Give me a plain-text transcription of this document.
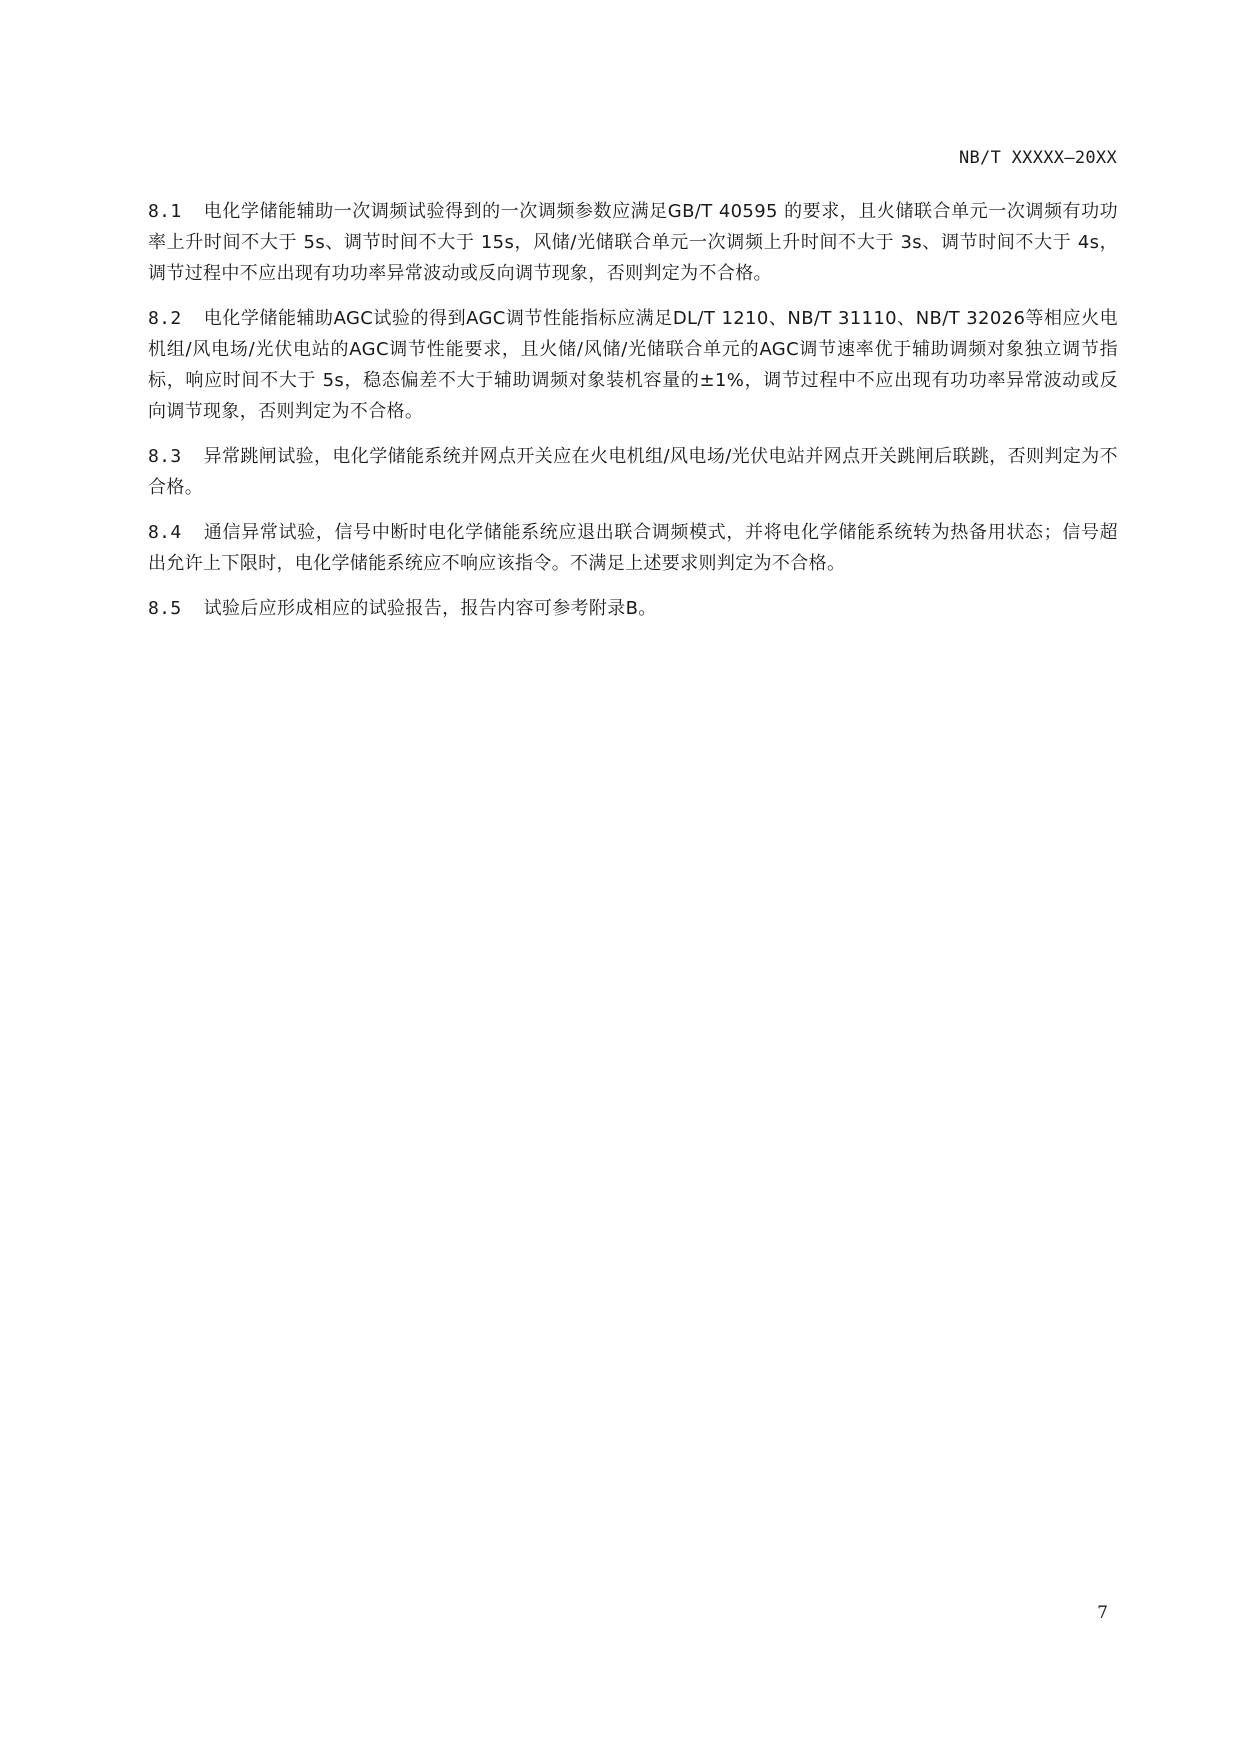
NB/T XXXXX—20XX

8.1 电化学储能辅助一次调频试验得到的一次调频参数应满足GB/T 40595 的要求，且火储联合单元一次调频有功功率上升时间不大于 5s、调节时间不大于 15s，风储/光储联合单元一次调频上升时间不大于 3s、调节时间不大于 4s，调节过程中不应出现有功功率异常波动或反向调节现象，否则判定为不合格。

8.2 电化学储能辅助AGC试验的得到AGC调节性能指标应满足DL/T 1210、NB/T 31110、NB/T 32026等相应火电机组/风电场/光伏电站的AGC调节性能要求，且火储/风储/光储联合单元的AGC调节速率优于辅助调频对象独立调节指标，响应时间不大于 5s，稳态偏差不大于辅助调频对象装机容量的±1%，调节过程中不应出现有功功率异常波动或反向调节现象，否则判定为不合格。

8.3 异常跳闸试验，电化学储能系统并网点开关应在火电机组/风电场/光伏电站并网点开关跳闸后联跳，否则判定为不合格。

8.4 通信异常试验，信号中断时电化学储能系统应退出联合调频模式，并将电化学储能系统转为热备用状态；信号超出允许上下限时，电化学储能系统应不响应该指令。不满足上述要求则判定为不合格。

8.5 试验后应形成相应的试验报告，报告内容可参考附录B。

7
